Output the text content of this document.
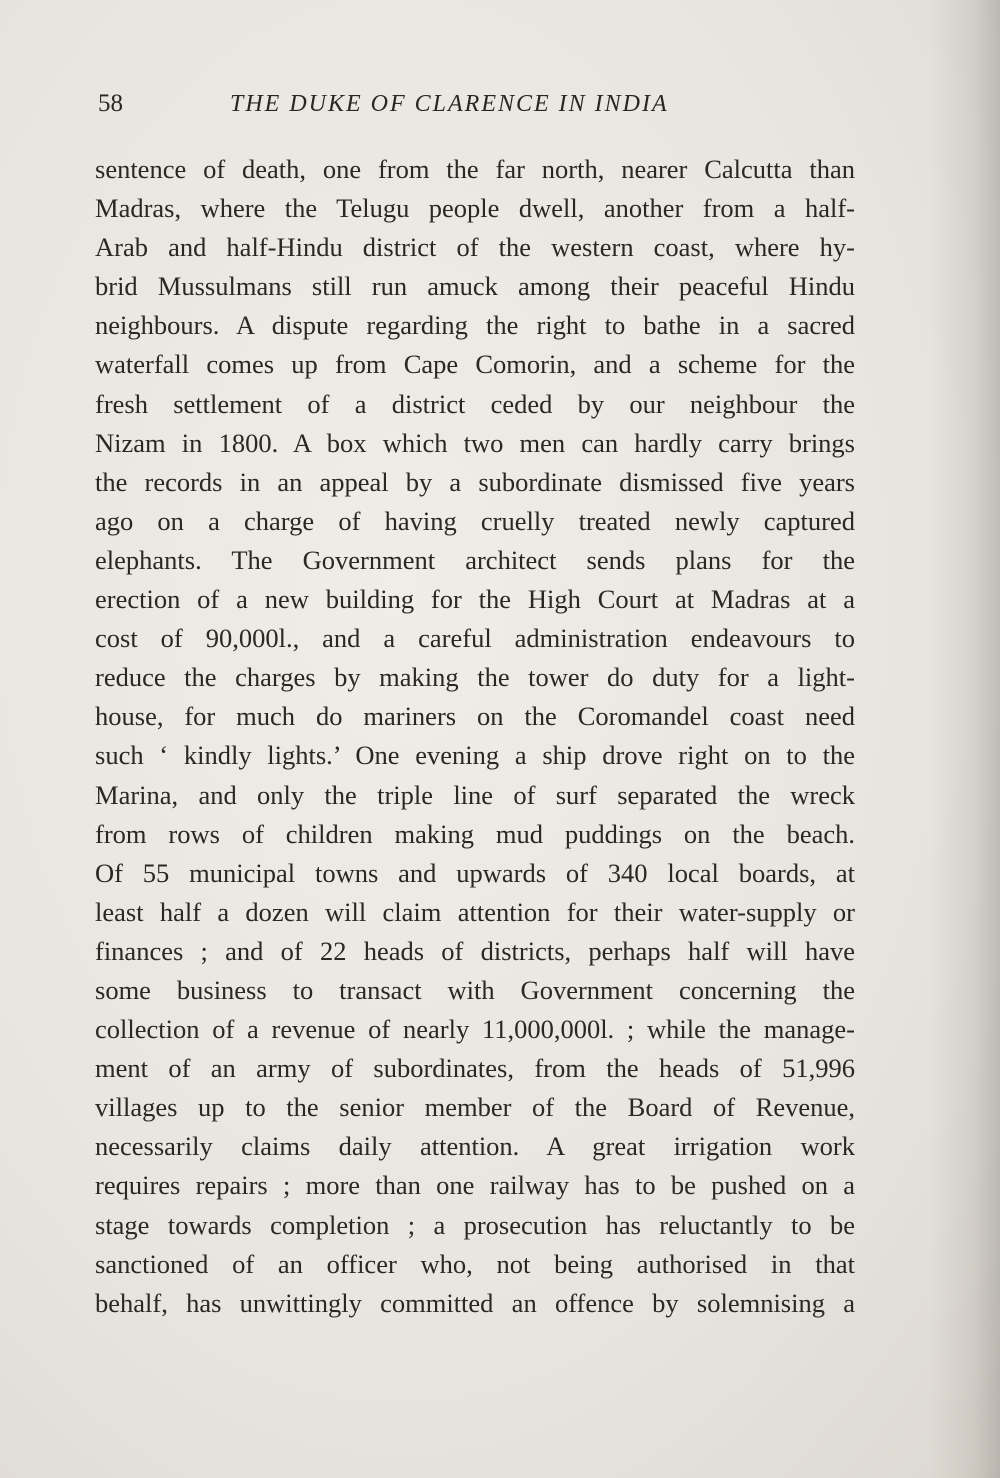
58	THE DUKE OF CLARENCE IN INDIA
sentence of death, one from the far north, nearer Calcutta than
Madras, where the Telugu people dwell, another from a half-
Arab and half-Hindu district of the western coast, where hy-
brid Mussulmans still run amuck among their peaceful Hindu
neighbours. A dispute regarding the right to bathe in a sacred
waterfall comes up from Cape Comorin, and a scheme for the
fresh settlement of a district ceded by our neighbour the
Nizam in 1800. A box which two men can hardly carry brings
the records in an appeal by a subordinate dismissed five years
ago on a charge of having cruelly treated newly captured
elephants. The Government architect sends plans for the
erection of a new building for the High Court at Madras at a
cost of 90,000l., and a careful administration endeavours to
reduce the charges by making the tower do duty for a light-
house, for much do mariners on the Coromandel coast need
such ‘ kindly lights.’ One evening a ship drove right on to the
Marina, and only the triple line of surf separated the wreck
from rows of children making mud puddings on the beach.
Of 55 municipal towns and upwards of 340 local boards, at
least half a dozen will claim attention for their water-supply or
finances ; and of 22 heads of districts, perhaps half will have
some business to transact with Government concerning the
collection of a revenue of nearly 11,000,000l. ; while the manage-
ment of an army of subordinates, from the heads of 51,996
villages up to the senior member of the Board of Revenue,
necessarily claims daily attention. A great irrigation work
requires repairs ; more than one railway has to be pushed on a
stage towards completion ; a prosecution has reluctantly to be
sanctioned of an officer who, not being authorised in that
behalf, has unwittingly committed an offence by solemnising a
